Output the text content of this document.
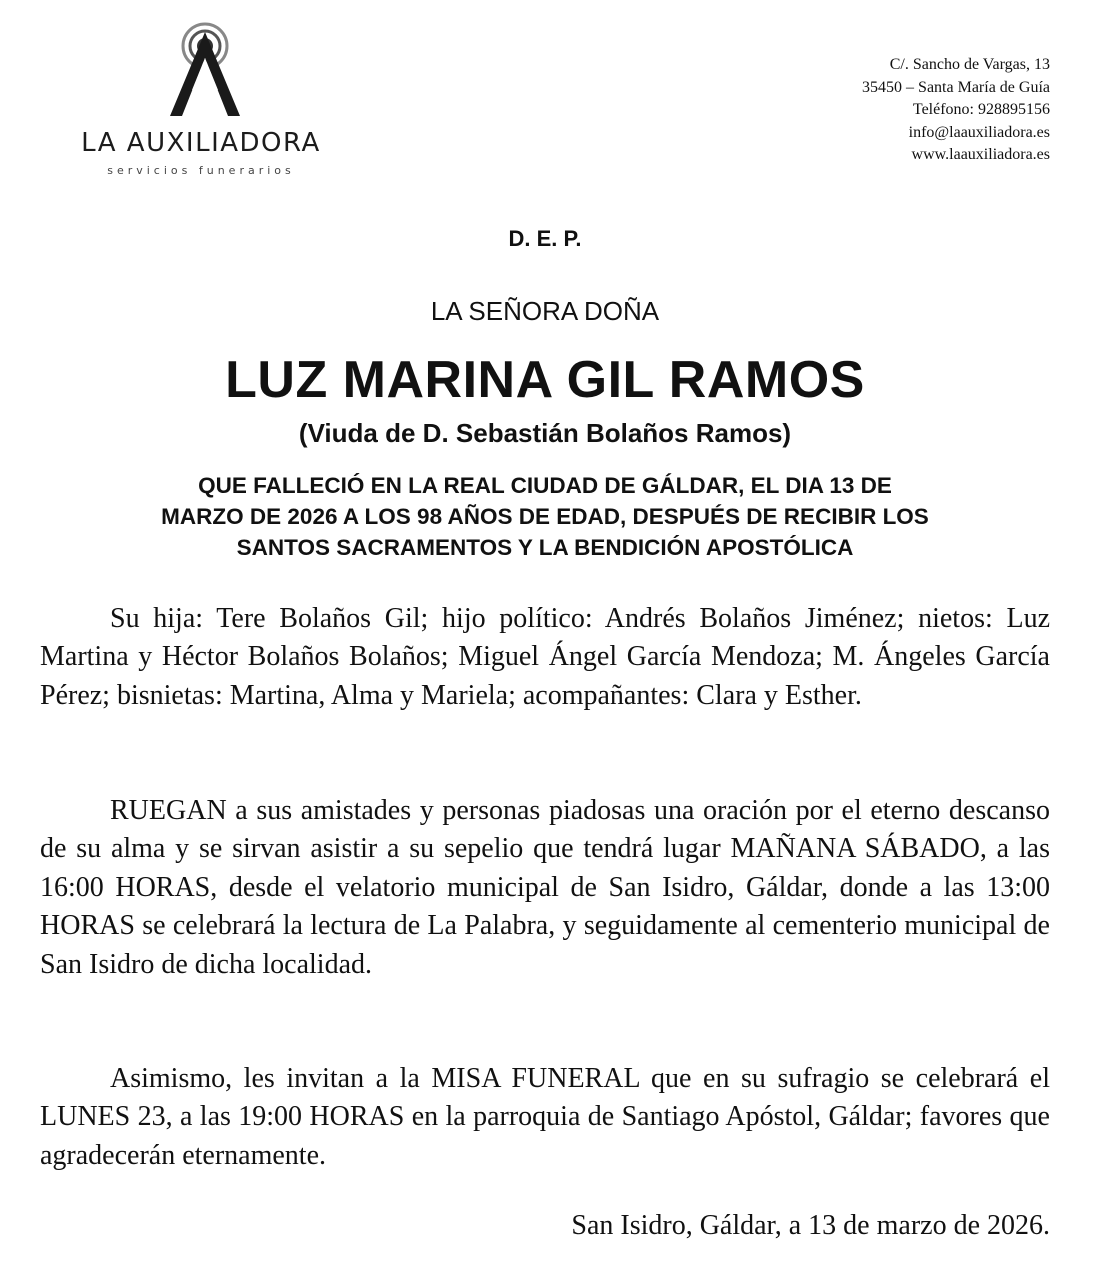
LA AUXILIADORA
servicios funerarios
C/. Sancho de Vargas, 13
35450 – Santa María de Guía
Teléfono: 928895156
info@laauxiliadora.es
www.laauxiliadora.es
D. E. P.
LA SEÑORA DOÑA
LUZ MARINA GIL RAMOS
(Viuda de D. Sebastián Bolaños Ramos)
QUE FALLECIÓ EN LA REAL CIUDAD DE GÁLDAR, EL DIA 13 DE
MARZO DE 2026 A LOS 98 AÑOS DE EDAD, DESPUÉS DE RECIBIR LOS
SANTOS SACRAMENTOS Y LA BENDICIÓN APOSTÓLICA

Su hija: Tere Bolaños Gil; hijo político: Andrés Bolaños Jiménez; nietos: Luz Martina y Héctor Bolaños Bolaños; Miguel Ángel García Mendoza; M. Ángeles García Pérez; bisnietas: Martina, Alma y Mariela; acompañantes: Clara y Esther.

RUEGAN a sus amistades y personas piadosas una oración por el eterno descanso de su alma y se sirvan asistir a su sepelio que tendrá lugar MAÑANA SÁBADO, a las 16:00 HORAS, desde el velatorio municipal de San Isidro, Gáldar, donde a las 13:00 HORAS se celebrará la lectura de La Palabra, y seguidamente al cementerio municipal de San Isidro de dicha localidad.

Asimismo, les invitan a la MISA FUNERAL que en su sufragio se celebrará el LUNES 23, a las 19:00 HORAS en la parroquia de Santiago Apóstol, Gáldar; favores que agradecerán eternamente.

San Isidro, Gáldar, a 13 de marzo de 2026.
